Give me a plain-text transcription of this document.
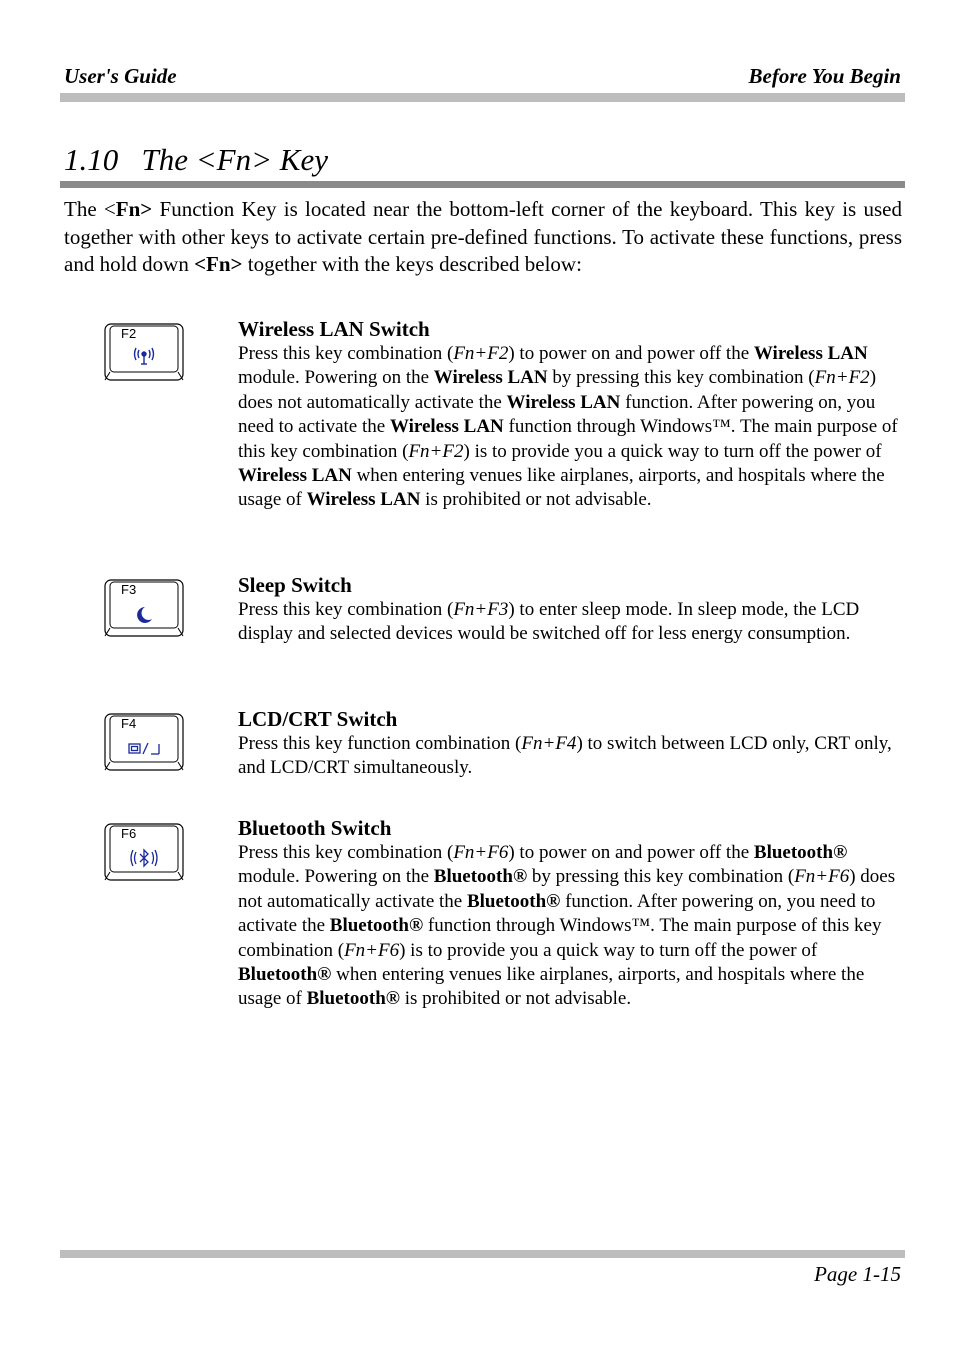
User's Guide	Before You Begin
1.10   The <Fn> Key
The <Fn> Function Key is located near the bottom-left corner of the keyboard. This key is used together with other keys to activate certain pre-defined functions. To activate these functions, press and hold down <Fn> together with the keys described below:
F2	Wireless LAN Switch
Press this key combination (Fn+F2) to power on and power off the Wireless LAN module. Powering on the Wireless LAN by pressing this key combination (Fn+F2) does not automatically activate the Wireless LAN function. After powering on, you need to activate the Wireless LAN function through Windows™. The main purpose of this key combination (Fn+F2) is to provide you a quick way to turn off the power of Wireless LAN when entering venues like airplanes, airports, and hospitals where the usage of Wireless LAN is prohibited or not advisable.
F3	Sleep Switch
Press this key combination (Fn+F3) to enter sleep mode. In sleep mode, the LCD display and selected devices would be switched off for less energy consumption.
F4	LCD/CRT Switch
Press this key function combination (Fn+F4) to switch between LCD only, CRT only, and LCD/CRT simultaneously.
F6	Bluetooth Switch
Press this key combination (Fn+F6) to power on and power off the Bluetooth® module. Powering on the Bluetooth® by pressing this key combination (Fn+F6) does not automatically activate the Bluetooth® function. After powering on, you need to activate the Bluetooth® function through Windows™. The main purpose of this key combination (Fn+F6) is to provide you a quick way to turn off the power of Bluetooth® when entering venues like airplanes, airports, and hospitals where the usage of Bluetooth® is prohibited or not advisable.
Page 1-15
